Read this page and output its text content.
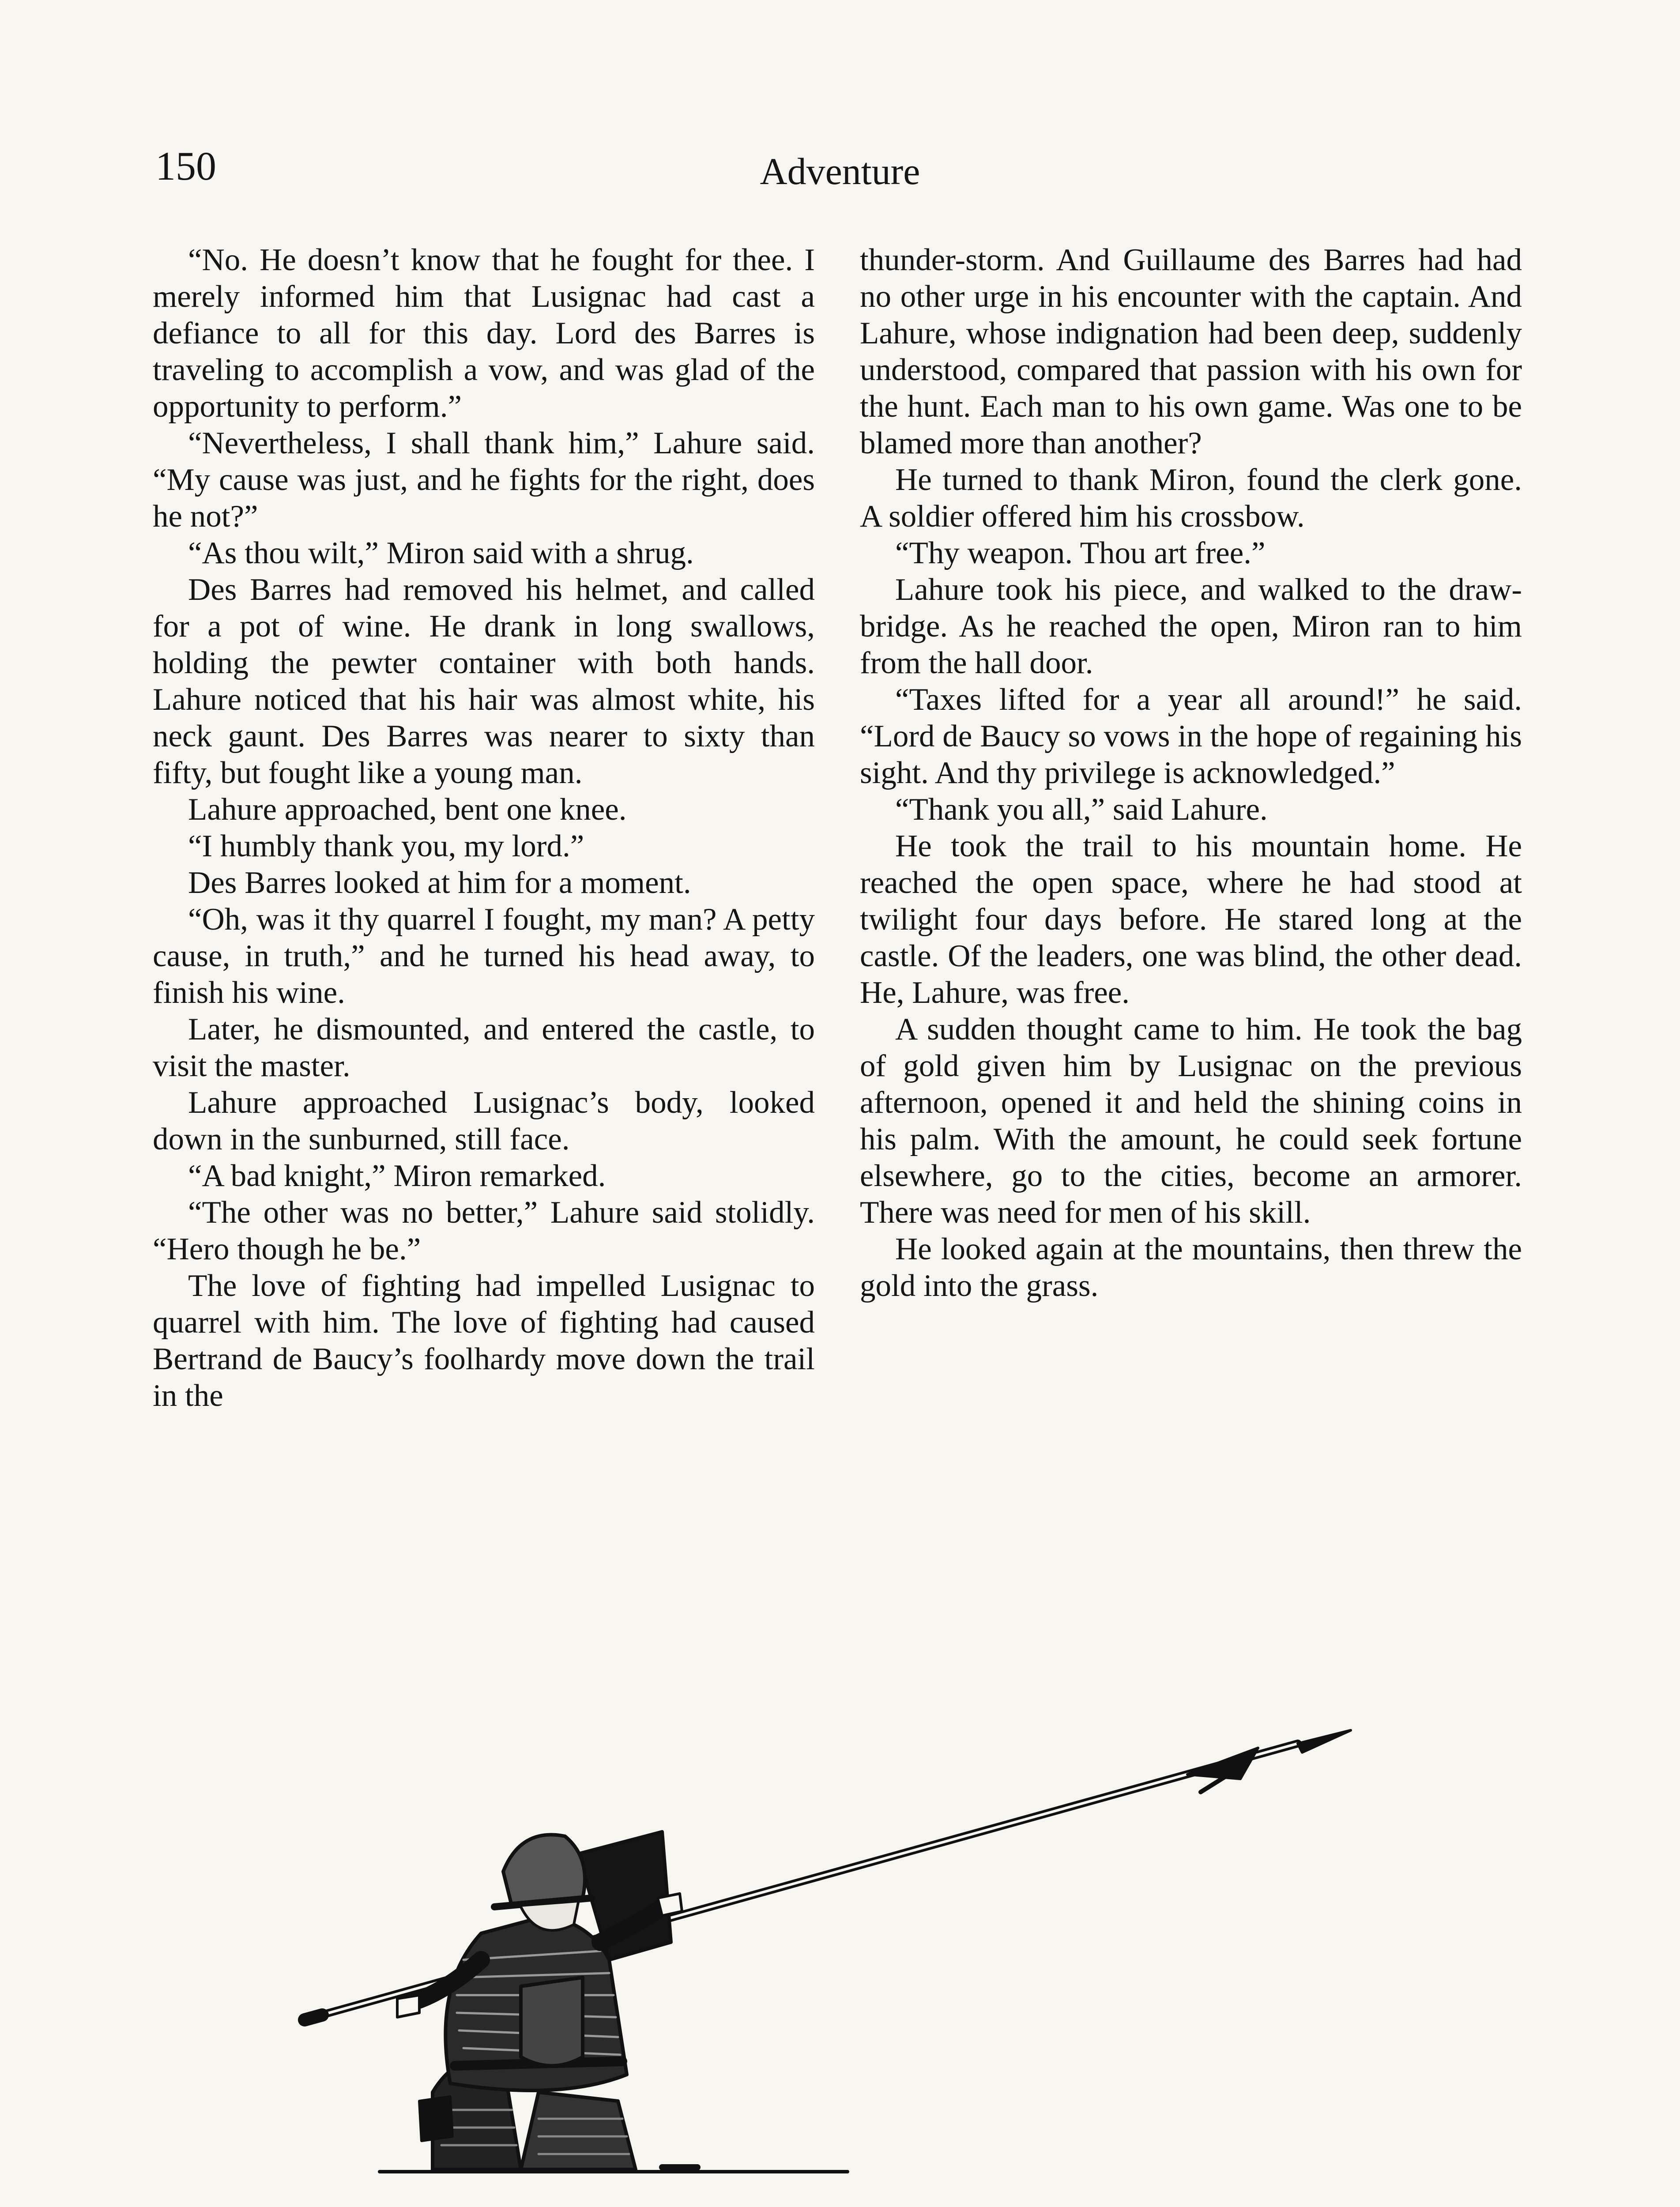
150	Adventure

“No. He doesn’t know that he fought for thee. I merely informed him that Lusignac had cast a defiance to all for this day. Lord des Barres is traveling to accomplish a vow, and was glad of the opportunity to perform.”

“Nevertheless, I shall thank him,” Lahure said. “My cause was just, and he fights for the right, does he not?”

“As thou wilt,” Miron said with a shrug.

Des Barres had removed his helmet, and called for a pot of wine. He drank in long swallows, holding the pewter container with both hands. Lahure noticed that his hair was almost white, his neck gaunt. Des Barres was nearer to sixty than fifty, but fought like a young man.

Lahure approached, bent one knee.

“I humbly thank you, my lord.”

Des Barres looked at him for a moment.

“Oh, was it thy quarrel I fought, my man? A petty cause, in truth,” and he turned his head away, to finish his wine.

Later, he dismounted, and entered the castle, to visit the master.

Lahure approached Lusignac’s body, looked down in the sunburned, still face.

“A bad knight,” Miron remarked.

“The other was no better,” Lahure said stolidly. “Hero though he be.”

The love of fighting had impelled Lusignac to quarrel with him. The love of fighting had caused Bertrand de Baucy’s foolhardy move down the trail in the

thunder-storm. And Guillaume des Barres had had no other urge in his encounter with the captain. And Lahure, whose indignation had been deep, suddenly understood, compared that passion with his own for the hunt. Each man to his own game. Was one to be blamed more than another?

He turned to thank Miron, found the clerk gone. A soldier offered him his crossbow.

“Thy weapon. Thou art free.”

Lahure took his piece, and walked to the draw-bridge. As he reached the open, Miron ran to him from the hall door.

“Taxes lifted for a year all around!” he said. “Lord de Baucy so vows in the hope of regaining his sight. And thy privilege is acknowledged.”

“Thank you all,” said Lahure.

He took the trail to his mountain home. He reached the open space, where he had stood at twilight four days before. He stared long at the castle. Of the leaders, one was blind, the other dead. He, Lahure, was free.

A sudden thought came to him. He took the bag of gold given him by Lusignac on the previous afternoon, opened it and held the shining coins in his palm. With the amount, he could seek fortune elsewhere, go to the cities, become an armorer. There was need for men of his skill.

He looked again at the mountains, then threw the gold into the grass.
